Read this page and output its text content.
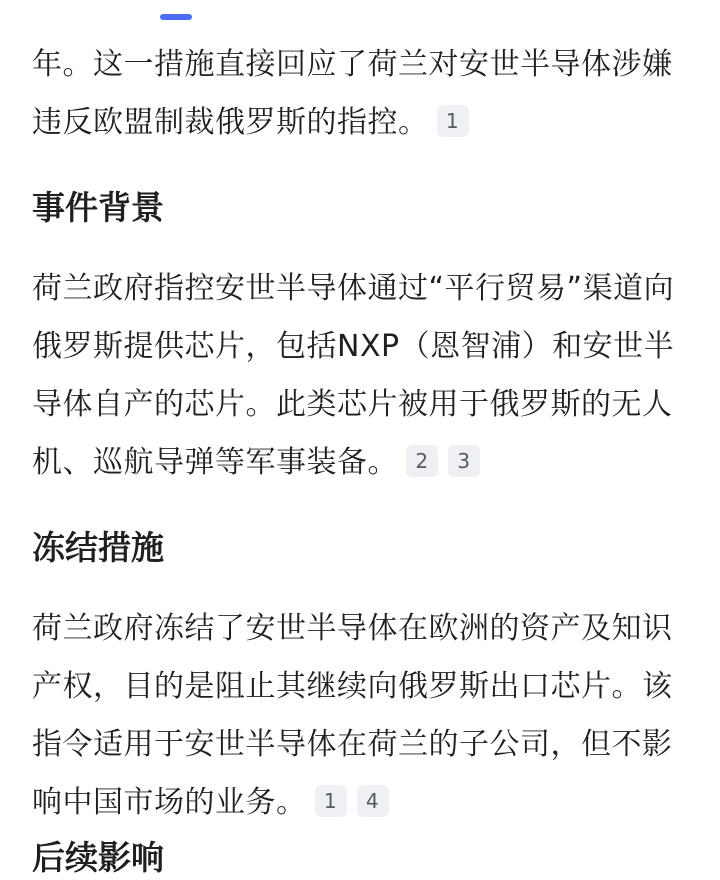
年。这一措施直接回应了荷兰对安世半导体涉嫌违反欧盟制裁俄罗斯的指控。 1

事件背景

荷兰政府指控安世半导体通过“平行贸易”渠道向俄罗斯提供芯片，包括NXP（恩智浦）和安世半导体自产的芯片。此类芯片被用于俄罗斯的无人机、巡航导弹等军事装备。 2 3

冻结措施

荷兰政府冻结了安世半导体在欧洲的资产及知识产权，目的是阻止其继续向俄罗斯出口芯片。该指令适用于安世半导体在荷兰的子公司，但不影响中国市场的业务。 1 4

后续影响
